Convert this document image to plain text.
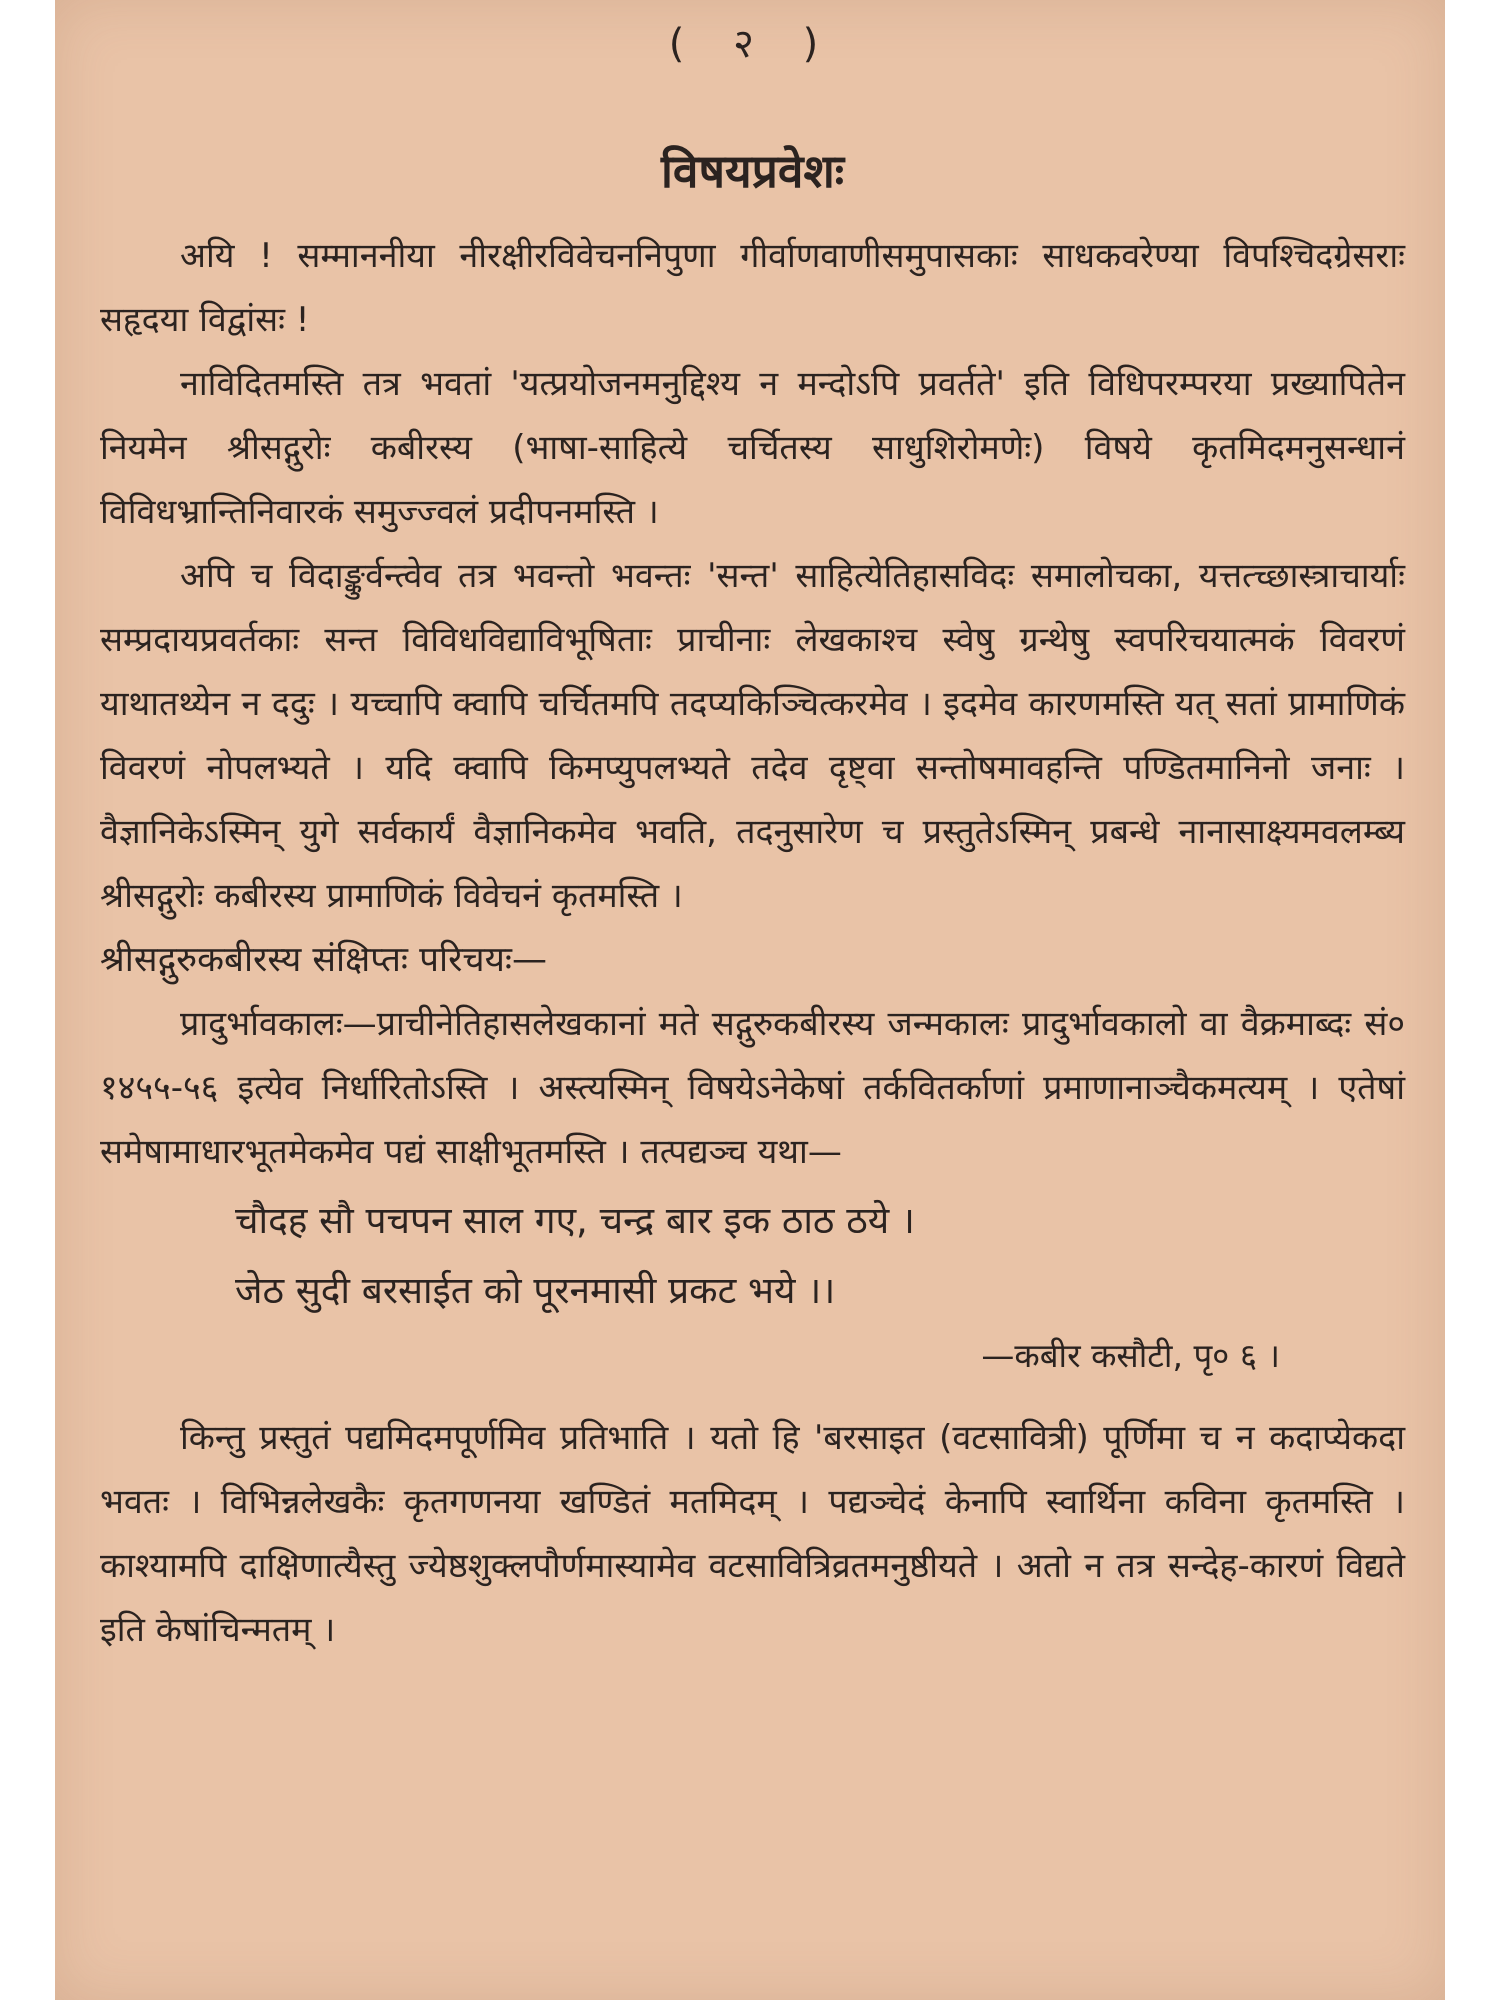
( २ )

विषयप्रवेशः

अयि ! सम्माननीया नीरक्षीरविवेचननिपुणा गीर्वाणवाणीसमुपासकाः साधकवरेण्या विपश्चिदग्रेसराः सहृदया विद्वांसः !

नाविदितमस्ति तत्र भवतां 'यत्प्रयोजनमनुद्दिश्य न मन्दोऽपि प्रवर्तते' इति विधिपरम्परया प्रख्यापितेन नियमेन श्रीसद्गुरोः कबीरस्य (भाषा-साहित्ये चर्चितस्य साधुशिरोमणेः) विषये कृतमिदमनुसन्धानं विविधभ्रान्तिनिवारकं समुज्ज्वलं प्रदीपनमस्ति ।

अपि च विदाङ्कुर्वन्त्वेव तत्र भवन्तो भवन्तः 'सन्त' साहित्येतिहासविदः समालोचका, यत्तत्च्छास्त्राचार्याः सम्प्रदायप्रवर्तकाः सन्त विविधविद्याविभूषिताः प्राचीनाः लेखकाश्च स्वेषु ग्रन्थेषु स्वपरिचयात्मकं विवरणं याथातथ्येन न ददुः । यच्चापि क्वापि चर्चितमपि तदप्यकिञ्चित्करमेव । इदमेव कारणमस्ति यत् सतां प्रामाणिकं विवरणं नोपलभ्यते । यदि क्वापि किमप्युपलभ्यते तदेव दृष्ट्वा सन्तोषमावहन्ति पण्डितमानिनो जनाः । वैज्ञानिकेऽस्मिन् युगे सर्वकार्यं वैज्ञानिकमेव भवति, तदनुसारेण च प्रस्तुतेऽस्मिन् प्रबन्धे नानासाक्ष्यमवलम्ब्य श्रीसद्गुरोः कबीरस्य प्रामाणिकं विवेचनं कृतमस्ति ।

श्रीसद्गुरुकबीरस्य संक्षिप्तः परिचयः—

प्रादुर्भावकालः—प्राचीनेतिहासलेखकानां मते सद्गुरुकबीरस्य जन्मकालः प्रादुर्भावकालो वा वैक्रमाब्दः सं० १४५५-५६ इत्येव निर्धारितोऽस्ति । अस्त्यस्मिन् विषयेऽनेकेषां तर्कवितर्काणां प्रमाणानाञ्चैकमत्यम् । एतेषां समेषामाधारभूतमेकमेव पद्यं साक्षीभूतमस्ति । तत्पद्यञ्च यथा—

चौदह सौ पचपन साल गए, चन्द्र बार इक ठाठ ठये ।

जेठ सुदी बरसाईत को पूरनमासी प्रकट भये ।।

—कबीर कसौटी, पृ० ६ ।

किन्तु प्रस्तुतं पद्यमिदमपूर्णमिव प्रतिभाति । यतो हि 'बरसाइत (वटसावित्री) पूर्णिमा च न कदाप्येकदा भवतः । विभिन्नलेखकैः कृतगणनया खण्डितं मतमिदम् । पद्यञ्चेदं केनापि स्वार्थिना कविना कृतमस्ति । काश्यामपि दाक्षिणात्यैस्तु ज्येष्ठशुक्लपौर्णमास्यामेव वटसावित्रिव्रतमनुष्ठीयते । अतो न तत्र सन्देह-कारणं विद्यते इति केषांचिन्मतम् ।
